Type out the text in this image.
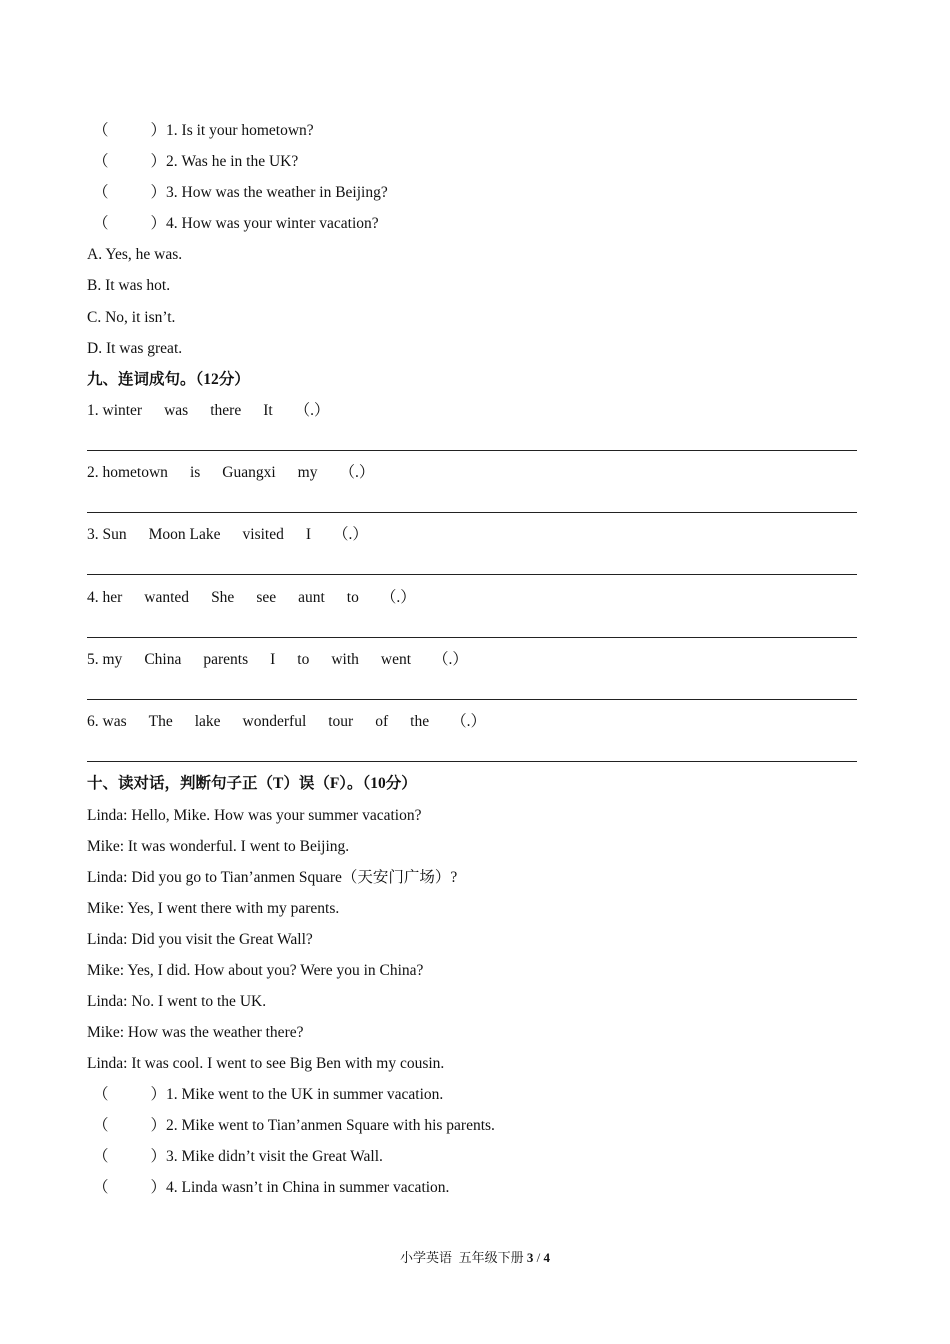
（	）1. Is it your hometown?
（	）2. Was he in the UK?
（	）3. How was the weather in Beijing?
（	）4. How was your winter vacation?
A. Yes, he was.
B. It was hot.
C. No, it isn’t.
D. It was great.
九、连词成句。（12分）
1. winter was there It （.）
2. hometown is Guangxi my （.）
3. Sun Moon Lake visited I （.）
4. her wanted She see aunt to （.）
5. my China parents I to with went （.）
6. was The lake wonderful tour of the （.）
十、读对话，判断句子正（T）误（F）。（10分）
Linda: Hello, Mike. How was your summer vacation?
Mike: It was wonderful. I went to Beijing.
Linda: Did you go to Tian’anmen Square（天安门广场）?
Mike: Yes, I went there with my parents.
Linda: Did you visit the Great Wall?
Mike: Yes, I did. How about you? Were you in China?
Linda: No. I went to the UK.
Mike: How was the weather there?
Linda: It was cool. I went to see Big Ben with my cousin.
（	）1. Mike went to the UK in summer vacation.
（	）2. Mike went to Tian’anmen Square with his parents.
（	）3. Mike didn’t visit the Great Wall.
（	）4. Linda wasn’t in China in summer vacation.
小学英语 五年级下册 3 / 4
